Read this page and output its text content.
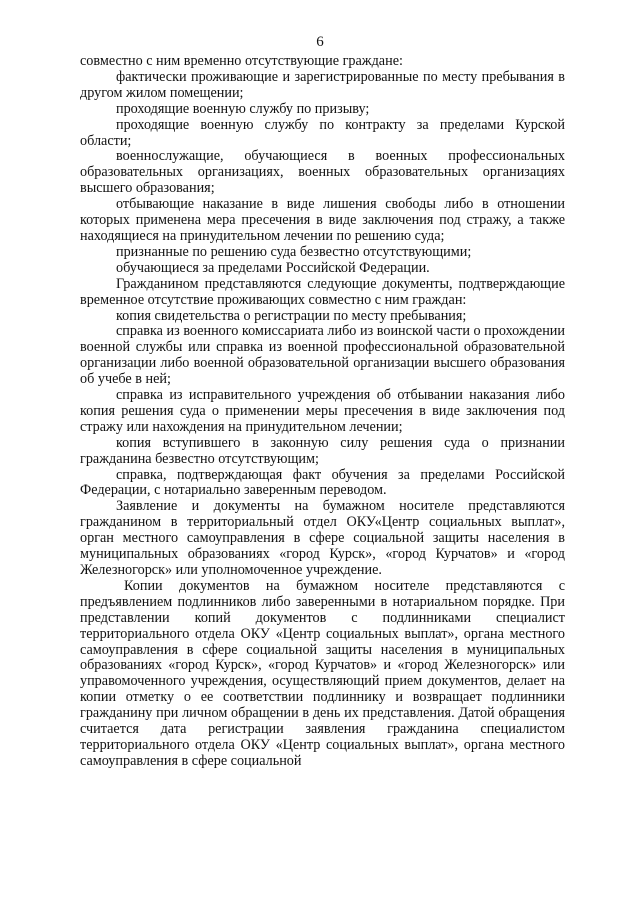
6

совместно с ним временно отсутствующие граждане:

фактически проживающие и зарегистрированные по месту пребывания в другом жилом помещении;

проходящие военную службу по призыву;

проходящие военную службу по контракту за пределами Курской области;

военнослужащие, обучающиеся в военных профессиональных образовательных организациях, военных образовательных организациях высшего образования;

отбывающие наказание в виде лишения свободы либо в отношении которых применена мера пресечения в виде заключения под стражу, а также находящиеся на принудительном лечении по решению суда;

признанные по решению суда безвестно отсутствующими;

обучающиеся за пределами Российской Федерации.

Гражданином представляются следующие документы, подтверждающие временное отсутствие проживающих совместно с ним граждан:

копия свидетельства о регистрации по месту пребывания;

справка из военного комиссариата либо из воинской части о прохождении военной службы или справка из военной профессиональной образовательной организации либо военной образовательной организации высшего образования об учебе в ней;

справка из исправительного учреждения об отбывании наказания либо копия решения суда о применении меры пресечения в виде заключения под стражу или нахождения на принудительном лечении;

копия вступившего в законную силу решения суда о признании гражданина безвестно отсутствующим;

справка, подтверждающая факт обучения за пределами Российской Федерации, с нотариально заверенным переводом.

Заявление и документы на бумажном носителе представляются гражданином в территориальный отдел ОКУ«Центр социальных выплат», орган местного самоуправления в сфере социальной защиты населения в муниципальных образованиях «город Курск», «город Курчатов» и «город Железногорск» или уполномоченное учреждение.

Копии документов на бумажном носителе представляются с предъявлением подлинников либо заверенными в нотариальном порядке. При представлении копий документов с подлинниками специалист территориального отдела ОКУ «Центр социальных выплат», органа местного самоуправления в сфере социальной защиты населения в муниципальных образованиях «город Курск», «город Курчатов» и «город Железногорск» или управомоченного учреждения, осуществляющий прием документов, делает на копии отметку о ее соответствии подлиннику и возвращает подлинники гражданину при личном обращении в день их представления. Датой обращения считается дата регистрации заявления гражданина специалистом территориального отдела ОКУ «Центр социальных выплат», органа местного самоуправления в сфере социальной
